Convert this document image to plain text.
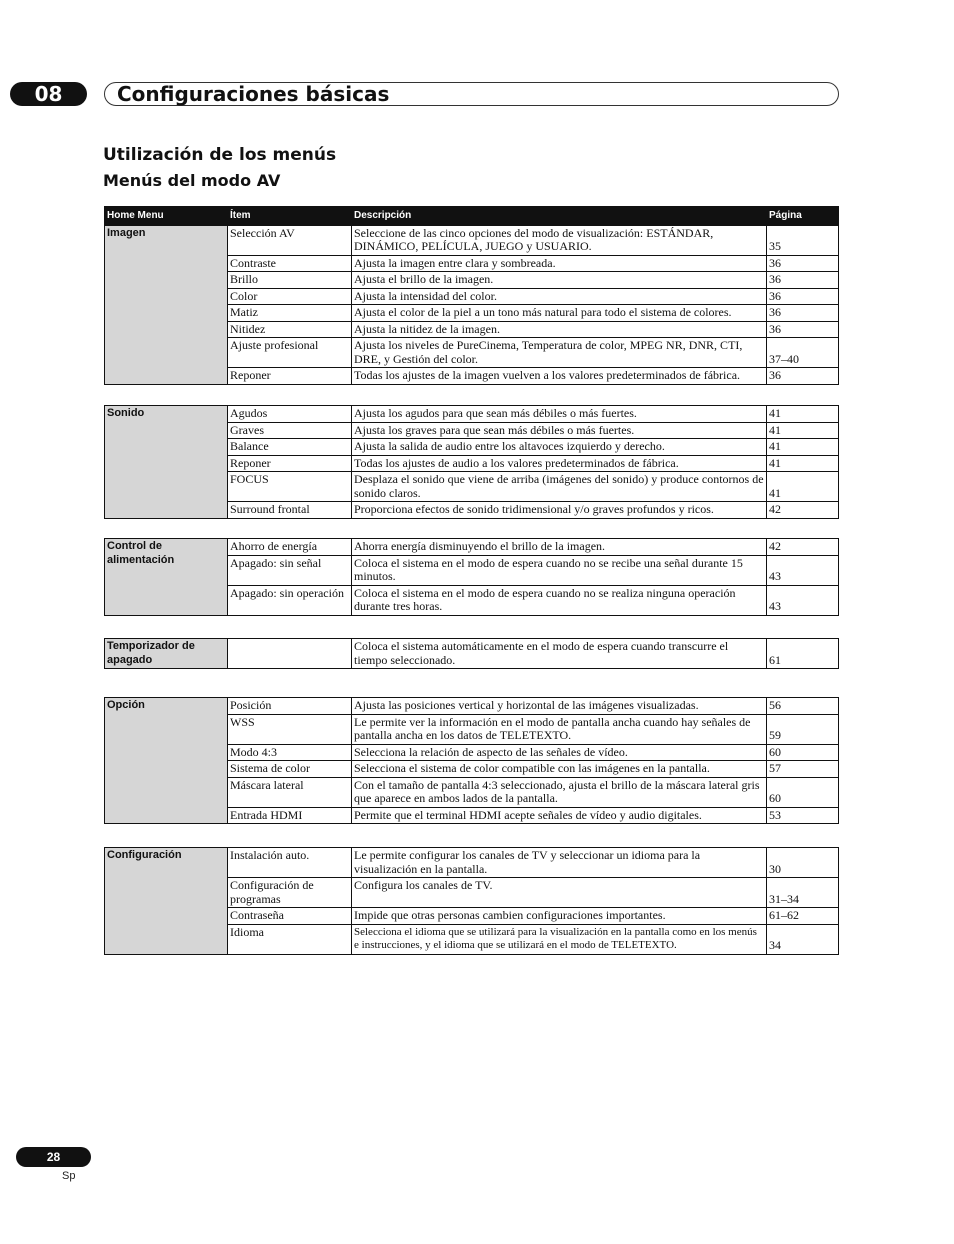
08	Configuraciones básicas
Utilización de los menús
Menús del modo AV
Home Menu	Ítem	Descripción	Página
Imagen	Selección AV	Seleccione de las cinco opciones del modo de visualización: ESTÁNDAR, DINÁMICO, PELÍCULA, JUEGO y USUARIO.	35
	Contraste	Ajusta la imagen entre clara y sombreada.	36
	Brillo	Ajusta el brillo de la imagen.	36
	Color	Ajusta la intensidad del color.	36
	Matiz	Ajusta el color de la piel a un tono más natural para todo el sistema de colores.	36
	Nitidez	Ajusta la nitidez de la imagen.	36
	Ajuste profesional	Ajusta los niveles de PureCinema, Temperatura de color, MPEG NR, DNR, CTI, DRE, y Gestión del color.	37–40
	Reponer	Todas los ajustes de la imagen vuelven a los valores predeterminados de fábrica.	36
Sonido	Agudos	Ajusta los agudos para que sean más débiles o más fuertes.	41
	Graves	Ajusta los graves para que sean más débiles o más fuertes.	41
	Balance	Ajusta la salida de audio entre los altavoces izquierdo y derecho.	41
	Reponer	Todas los ajustes de audio a los valores predeterminados de fábrica.	41
	FOCUS	Desplaza el sonido que viene de arriba (imágenes del sonido) y produce contornos de sonido claros.	41
	Surround frontal	Proporciona efectos de sonido tridimensional y/o graves profundos y ricos.	42
Control de alimentación	Ahorro de energía	Ahorra energía disminuyendo el brillo de la imagen.	42
	Apagado: sin señal	Coloca el sistema en el modo de espera cuando no se recibe una señal durante 15 minutos.	43
	Apagado: sin operación	Coloca el sistema en el modo de espera cuando no se realiza ninguna operación durante tres horas.	43
Temporizador de apagado		Coloca el sistema automáticamente en el modo de espera cuando transcurre el tiempo seleccionado.	61
Opción	Posición	Ajusta las posiciones vertical y horizontal de las imágenes visualizadas.	56
	WSS	Le permite ver la información en el modo de pantalla ancha cuando hay señales de pantalla ancha en los datos de TELETEXTO.	59
	Modo 4:3	Selecciona la relación de aspecto de las señales de vídeo.	60
	Sistema de color	Selecciona el sistema de color compatible con las imágenes en la pantalla.	57
	Máscara lateral	Con el tamaño de pantalla 4:3 seleccionado, ajusta el brillo de la máscara lateral gris que aparece en ambos lados de la pantalla.	60
	Entrada HDMI	Permite que el terminal HDMI acepte señales de vídeo y audio digitales.	53
Configuración	Instalación auto.	Le permite configurar los canales de TV y seleccionar un idioma para la visualización en la pantalla.	30
	Configuración de programas	Configura los canales de TV.	31–34
	Contraseña	Impide que otras personas cambien configuraciones importantes.	61–62
	Idioma	Selecciona el idioma que se utilizará para la visualización en la pantalla como en los menús e instrucciones, y el idioma que se utilizará en el modo de TELETEXTO.	34
28
Sp
